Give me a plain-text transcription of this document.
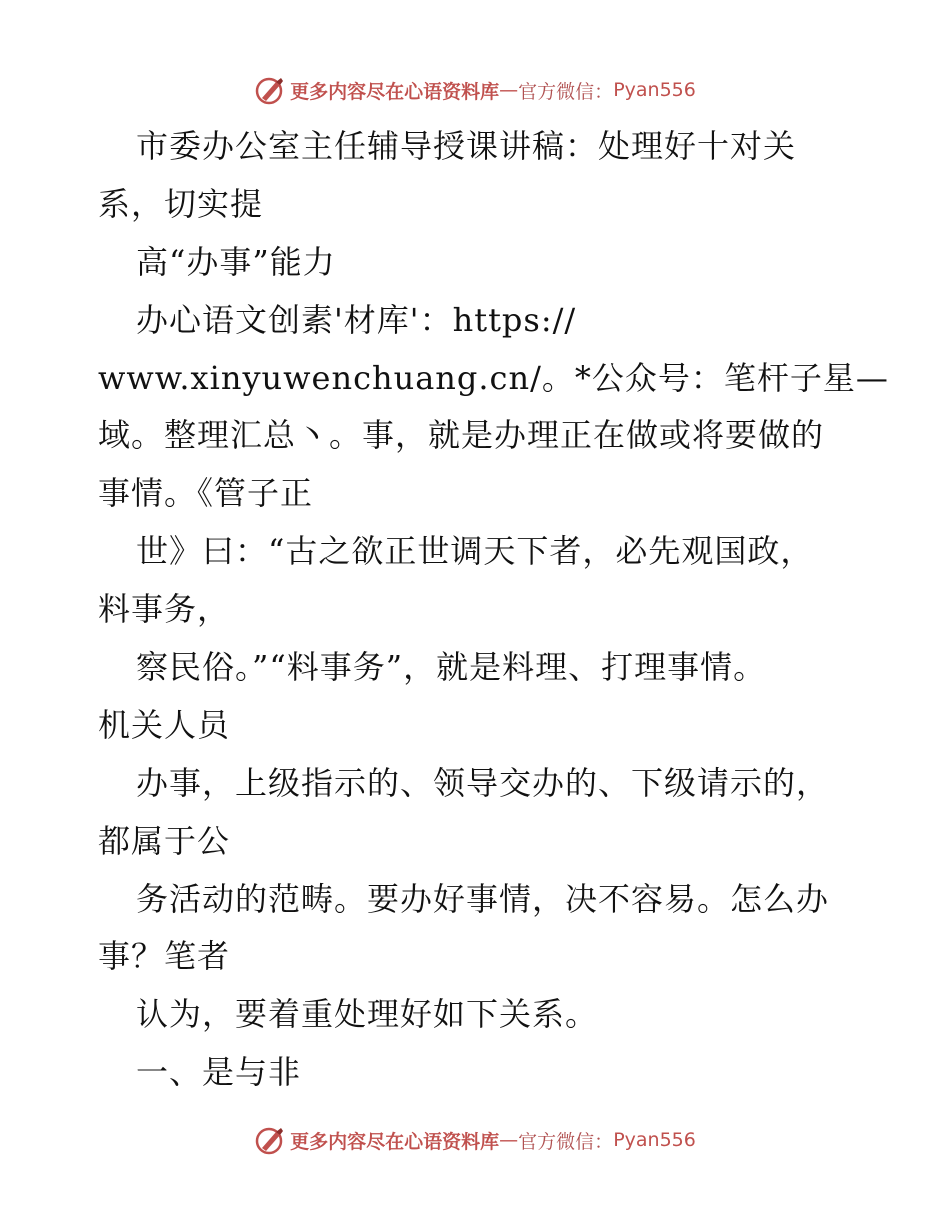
更多内容尽在心语资料库 — 官方微信： Pyan556
市委办公室主任辅导授课讲稿：处理好十对关
系，切实提
高“办事”能力
办心语文创素'材库'：https://
www.xinyuwenchuang.cn/。*公众号：笔杆子星—
域。整理汇总丶。事，就是办理正在做或将要做的
事情。《管子正
世》曰：“古之欲正世调天下者，必先观国政，
料事务，
察民俗。”“料事务”，就是料理、打理事情。
机关人员
办事，上级指示的、领导交办的、下级请示的，
都属于公
务活动的范畴。要办好事情，决不容易。怎么办
事？笔者
认为，要着重处理好如下关系。
一、是与非
更多内容尽在心语资料库 — 官方微信： Pyan556
